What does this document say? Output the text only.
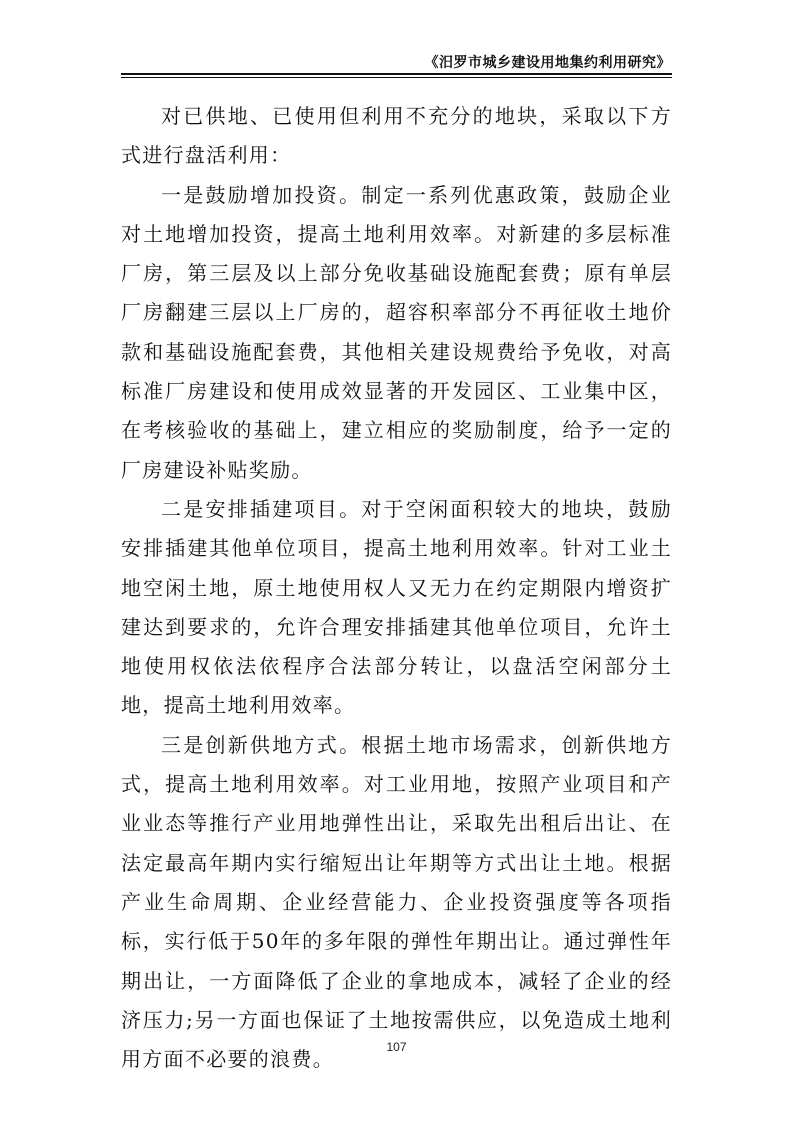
《汨罗市城乡建设用地集约利用研究》

对已供地、已使用但利用不充分的地块，采取以下方式进行盘活利用：

一是鼓励增加投资。制定一系列优惠政策，鼓励企业对土地增加投资，提高土地利用效率。对新建的多层标准厂房，第三层及以上部分免收基础设施配套费；原有单层厂房翻建三层以上厂房的，超容积率部分不再征收土地价款和基础设施配套费，其他相关建设规费给予免收，对高标准厂房建设和使用成效显著的开发园区、工业集中区，在考核验收的基础上，建立相应的奖励制度，给予一定的厂房建设补贴奖励。

二是安排插建项目。对于空闲面积较大的地块，鼓励安排插建其他单位项目，提高土地利用效率。针对工业土地空闲土地，原土地使用权人又无力在约定期限内增资扩建达到要求的，允许合理安排插建其他单位项目，允许土地使用权依法依程序合法部分转让，以盘活空闲部分土地，提高土地利用效率。

三是创新供地方式。根据土地市场需求，创新供地方式，提高土地利用效率。对工业用地，按照产业项目和产业业态等推行产业用地弹性出让，采取先出租后出让、在法定最高年期内实行缩短出让年期等方式出让土地。根据产业生命周期、企业经营能力、企业投资强度等各项指标，实行低于50年的多年限的弹性年期出让。通过弹性年期出让，一方面降低了企业的拿地成本，减轻了企业的经济压力;另一方面也保证了土地按需供应，以免造成土地利用方面不必要的浪费。

107
